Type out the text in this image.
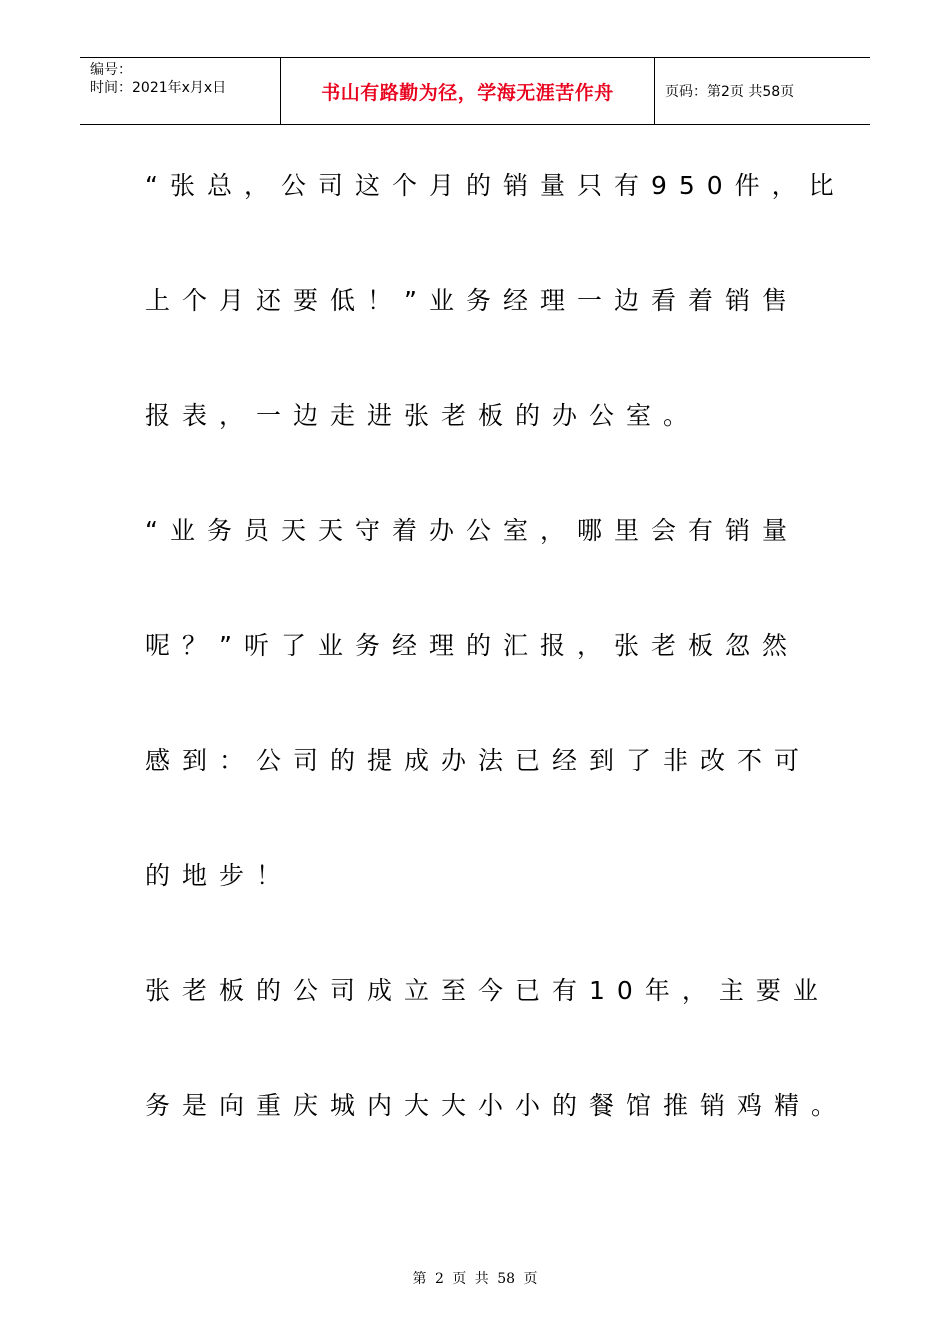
编号：
时间：2021年x月x日	书山有路勤为径，学海无涯苦作舟	页码：第2页 共58页
“张总，公司这个月的销量只有950件，比
上个月还要低！”业务经理一边看着销售
报表，一边走进张老板的办公室。
“业务员天天守着办公室，哪里会有销量
呢？”听了业务经理的汇报，张老板忽然
感到：公司的提成办法已经到了非改不可
的地步！
张老板的公司成立至今已有10年，主要业
务是向重庆城内大大小小的餐馆推销鸡精。
第 2 页 共 58 页
